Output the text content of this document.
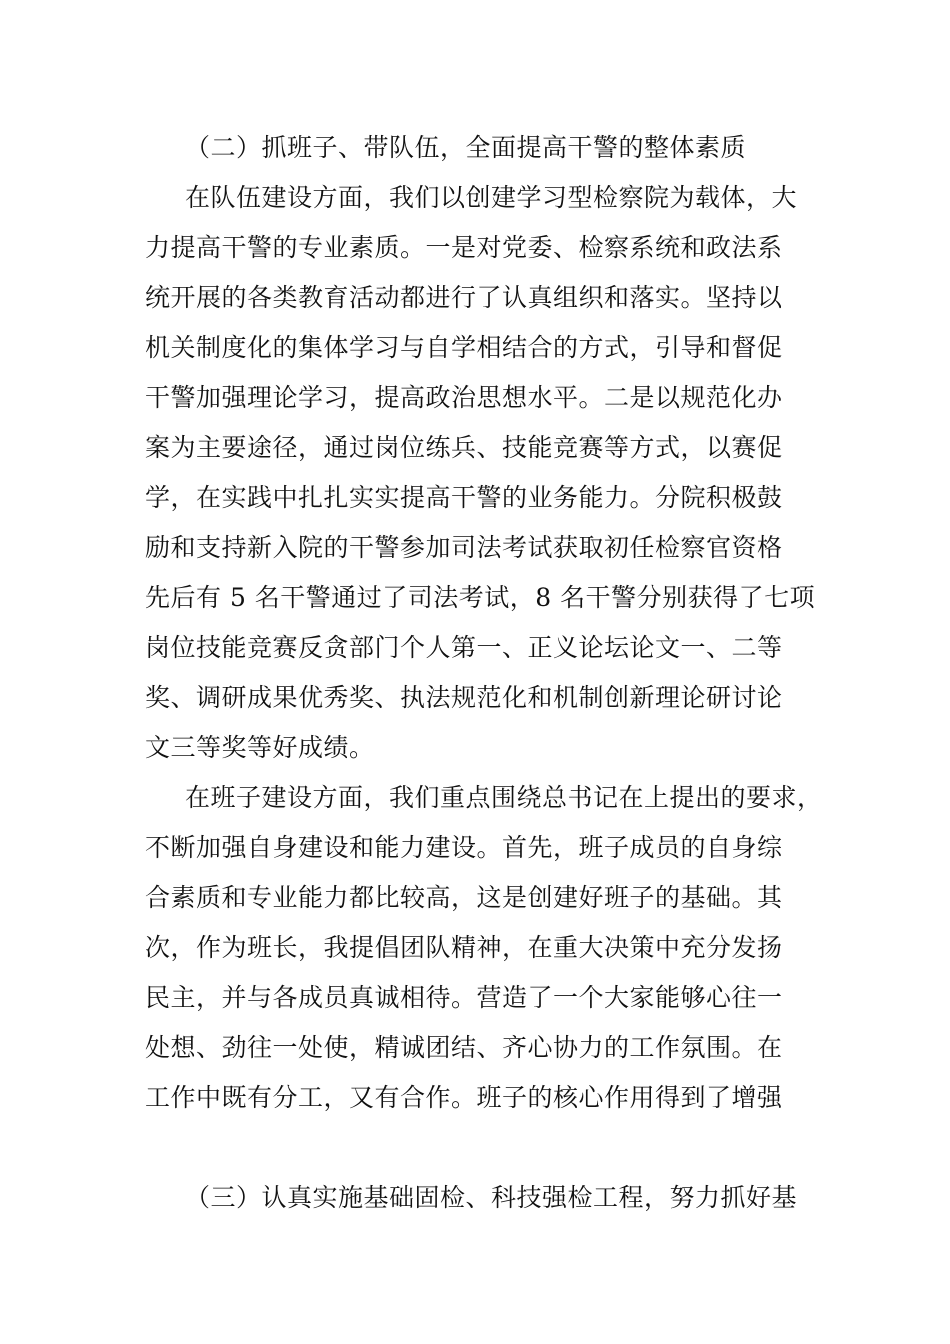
（二）抓班子、带队伍，全面提高干警的整体素质
在队伍建设方面，我们以创建学习型检察院为载体，大
力提高干警的专业素质。一是对党委、检察系统和政法系
统开展的各类教育活动都进行了认真组织和落实。坚持以
机关制度化的集体学习与自学相结合的方式，引导和督促
干警加强理论学习，提高政治思想水平。二是以规范化办
案为主要途径，通过岗位练兵、技能竞赛等方式，以赛促
学，在实践中扎扎实实提高干警的业务能力。分院积极鼓
励和支持新入院的干警参加司法考试获取初任检察官资格
先后有 5 名干警通过了司法考试，8 名干警分别获得了七项
岗位技能竞赛反贪部门个人第一、正义论坛论文一、二等
奖、调研成果优秀奖、执法规范化和机制创新理论研讨论
文三等奖等好成绩。
在班子建设方面，我们重点围绕总书记在上提出的要求，
不断加强自身建设和能力建设。首先，班子成员的自身综
合素质和专业能力都比较高，这是创建好班子的基础。其
次，作为班长，我提倡团队精神，在重大决策中充分发扬
民主，并与各成员真诚相待。营造了一个大家能够心往一
处想、劲往一处使，精诚团结、齐心协力的工作氛围。在
工作中既有分工，又有合作。班子的核心作用得到了增强
（三）认真实施基础固检、科技强检工程，努力抓好基
